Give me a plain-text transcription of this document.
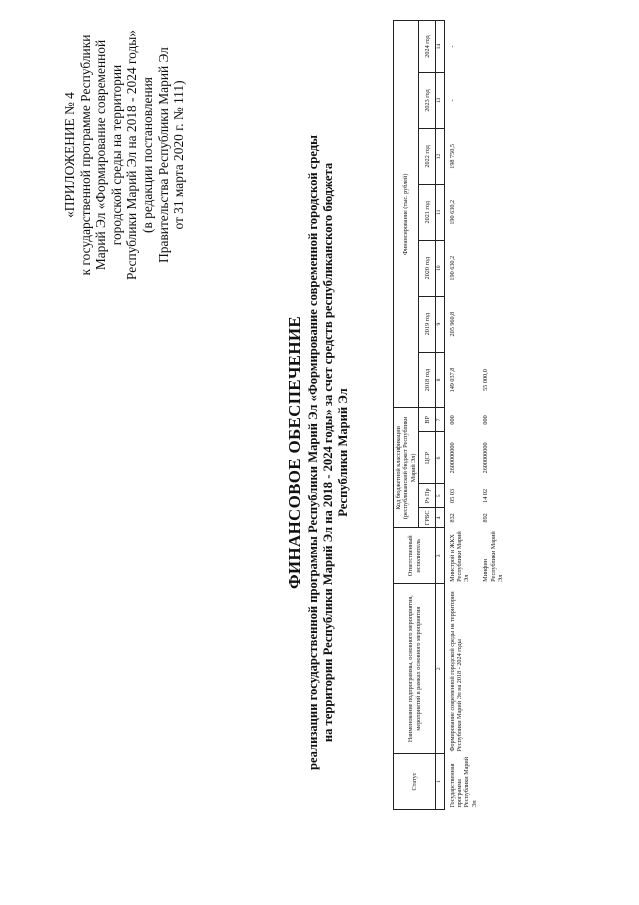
«ПРИЛОЖЕНИЕ № 4 к государственной программе Республики Марий Эл «Формирование современной городской среды на территории Республики Марий Эл на 2018 - 2024 годы» (в редакции постановления Правительства Республики Марий Эл от 31 марта 2020 г. № 111)
ФИНАНСОВОЕ ОБЕСПЕЧЕНИЕ реализации государственной программы Республики Марий Эл «Формирование современной городской среды на территории Республики Марий Эл на 2018 - 2024 годы» за счет средств республиканского бюджета Республики Марий Эл
Статус	Наименование подпрограммы, основного мероприятия, мероприятий в рамках основного мероприятия	Ответственный исполнитель	Код бюджетной классификации (республиканский бюджет Республики Марий Эл)				Финансирование (тыс. рублей)						
			ГРБС	Рз Пр	ЦСР	ВР	2018 год	2019 год	2020 год	2021 год	2022 год	2023 год	2024 год
1	2	3	4	5	6	7	8	9	10	11	12	13	14
Государственная программа Республики Марий Эл	Формирование современной городской среды на территории Республики Марий Эл на 2018 - 2024 годы	Минстрой и ЖКХ Республики Марий Эл	832	05 03	2600000000	000	149 037,8	205 960,8	190 630,2	190 630,2	198 750,5	-	-
		Минфин Республики Марий Эл	892	14 02	2600000000	000	55 000,0						
